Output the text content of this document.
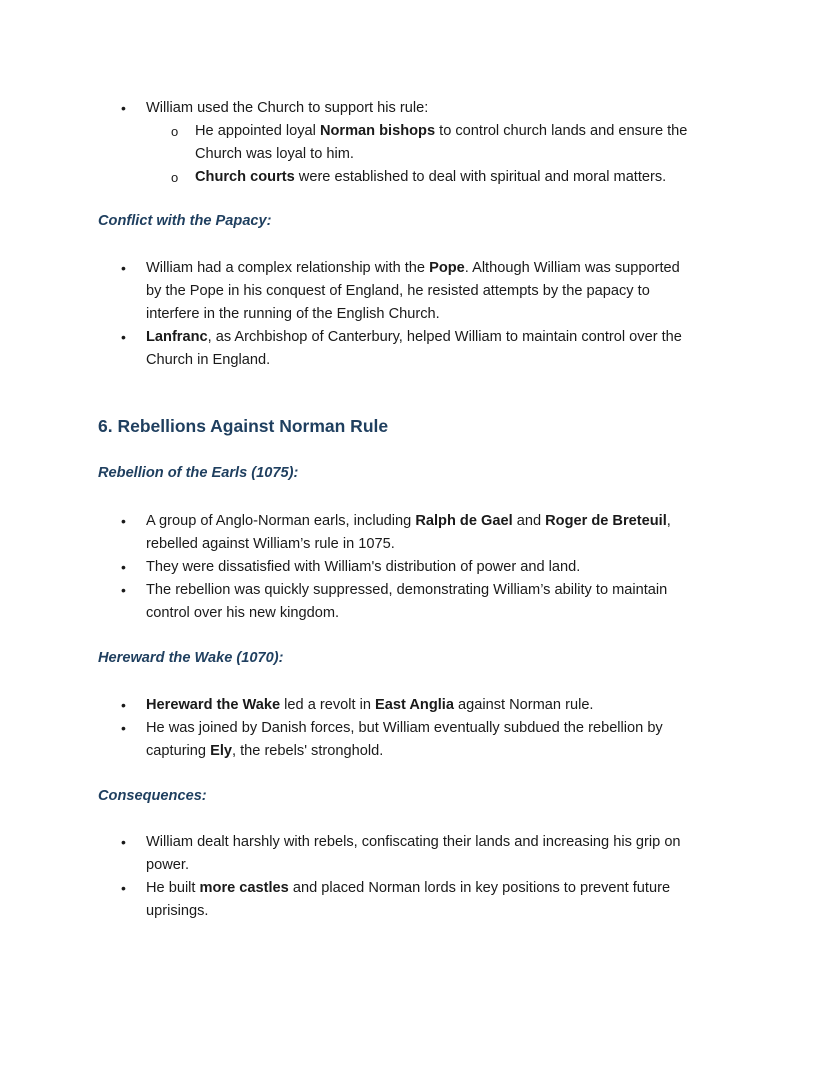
•	William used the Church to support his rule:
o He appointed loyal Norman bishops to control church lands and ensure the
Church was loyal to him.
o Church courts were established to deal with spiritual and moral matters.
Conflict with the Papacy:
•	William had a complex relationship with the Pope. Although William was supported
by the Pope in his conquest of England, he resisted attempts by the papacy to
interfere in the running of the English Church.
•	Lanfranc, as Archbishop of Canterbury, helped William to maintain control over the
Church in England.
6. Rebellions Against Norman Rule
Rebellion of the Earls (1075):
•	A group of Anglo-Norman earls, including Ralph de Gael and Roger de Breteuil,
rebelled against William’s rule in 1075.
•	They were dissatisfied with William's distribution of power and land.
•	The rebellion was quickly suppressed, demonstrating William’s ability to maintain
control over his new kingdom.
Hereward the Wake (1070):
•	Hereward the Wake led a revolt in East Anglia against Norman rule.
•	He was joined by Danish forces, but William eventually subdued the rebellion by
capturing Ely, the rebels' stronghold.
Consequences:
•	William dealt harshly with rebels, confiscating their lands and increasing his grip on
power.
•	He built more castles and placed Norman lords in key positions to prevent future
uprisings.
